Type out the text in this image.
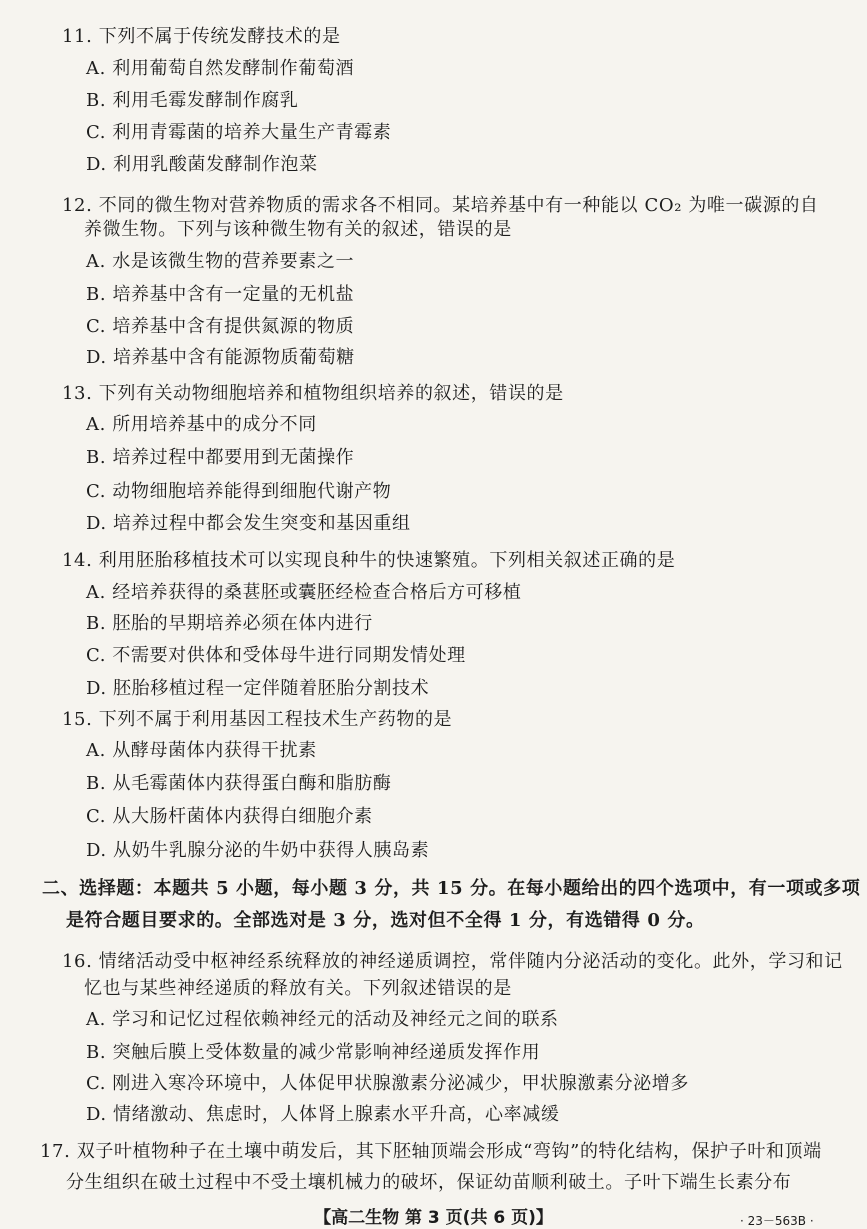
11. 下列不属于传统发酵技术的是
A. 利用葡萄自然发酵制作葡萄酒
B. 利用毛霉发酵制作腐乳
C. 利用青霉菌的培养大量生产青霉素
D. 利用乳酸菌发酵制作泡菜
12. 不同的微生物对营养物质的需求各不相同。某培养基中有一种能以 CO₂ 为唯一碳源的自
养微生物。下列与该种微生物有关的叙述，错误的是
A. 水是该微生物的营养要素之一
B. 培养基中含有一定量的无机盐
C. 培养基中含有提供氮源的物质
D. 培养基中含有能源物质葡萄糖
13. 下列有关动物细胞培养和植物组织培养的叙述，错误的是
A. 所用培养基中的成分不同
B. 培养过程中都要用到无菌操作
C. 动物细胞培养能得到细胞代谢产物
D. 培养过程中都会发生突变和基因重组
14. 利用胚胎移植技术可以实现良种牛的快速繁殖。下列相关叙述正确的是
A. 经培养获得的桑葚胚或囊胚经检查合格后方可移植
B. 胚胎的早期培养必须在体内进行
C. 不需要对供体和受体母牛进行同期发情处理
D. 胚胎移植过程一定伴随着胚胎分割技术
15. 下列不属于利用基因工程技术生产药物的是
A. 从酵母菌体内获得干扰素
B. 从毛霉菌体内获得蛋白酶和脂肪酶
C. 从大肠杆菌体内获得白细胞介素
D. 从奶牛乳腺分泌的牛奶中获得人胰岛素
二、选择题：本题共 5 小题，每小题 3 分，共 15 分。在每小题给出的四个选项中，有一项或多项
是符合题目要求的。全部选对是 3 分，选对但不全得 1 分，有选错得 0 分。
16. 情绪活动受中枢神经系统释放的神经递质调控，常伴随内分泌活动的变化。此外，学习和记
忆也与某些神经递质的释放有关。下列叙述错误的是
A. 学习和记忆过程依赖神经元的活动及神经元之间的联系
B. 突触后膜上受体数量的减少常影响神经递质发挥作用
C. 刚进入寒冷环境中，人体促甲状腺激素分泌减少，甲状腺激素分泌增多
D. 情绪激动、焦虑时，人体肾上腺素水平升高，心率减缓
17. 双子叶植物种子在土壤中萌发后，其下胚轴顶端会形成“弯钩”的特化结构，保护子叶和顶端
分生组织在破土过程中不受土壤机械力的破坏，保证幼苗顺利破土。子叶下端生长素分布
【高二生物 第 3 页(共 6 页)】	· 23－563B ·
